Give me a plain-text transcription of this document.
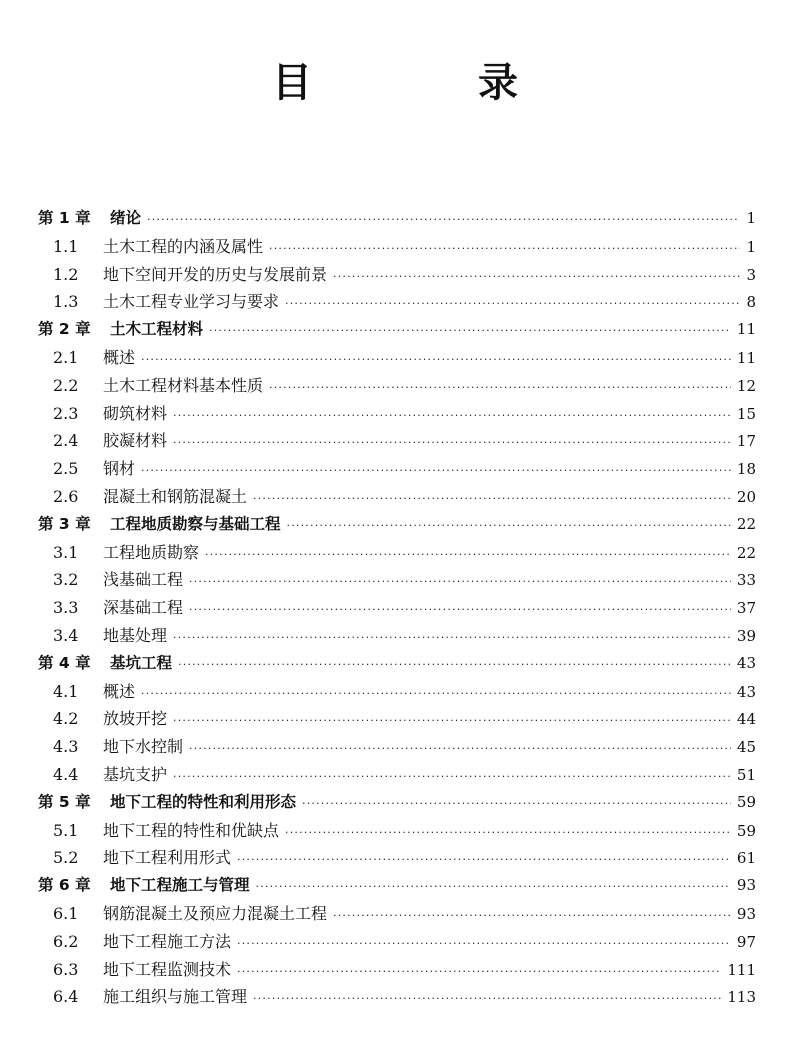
目 录
第 1 章	绪论 ·····	1
1.1	土木工程的内涵及属性 ·····	1
1.2	地下空间开发的历史与发展前景 ·····	3
1.3	土木工程专业学习与要求 ·····	8
第 2 章	土木工程材料 ·····	11
2.1	概述 ·····	11
2.2	土木工程材料基本性质 ·····	12
2.3	砌筑材料 ·····	15
2.4	胶凝材料 ·····	17
2.5	钢材 ·····	18
2.6	混凝土和钢筋混凝土 ·····	20
第 3 章	工程地质勘察与基础工程 ·····	22
3.1	工程地质勘察 ·····	22
3.2	浅基础工程 ·····	33
3.3	深基础工程 ·····	37
3.4	地基处理 ·····	39
第 4 章	基坑工程 ·····	43
4.1	概述 ·····	43
4.2	放坡开挖 ·····	44
4.3	地下水控制 ·····	45
4.4	基坑支护 ·····	51
第 5 章	地下工程的特性和利用形态 ·····	59
5.1	地下工程的特性和优缺点 ·····	59
5.2	地下工程利用形式 ·····	61
第 6 章	地下工程施工与管理 ·····	93
6.1	钢筋混凝土及预应力混凝土工程 ·····	93
6.2	地下工程施工方法 ·····	97
6.3	地下工程监测技术 ·····	111
6.4	施工组织与施工管理 ·····	113
